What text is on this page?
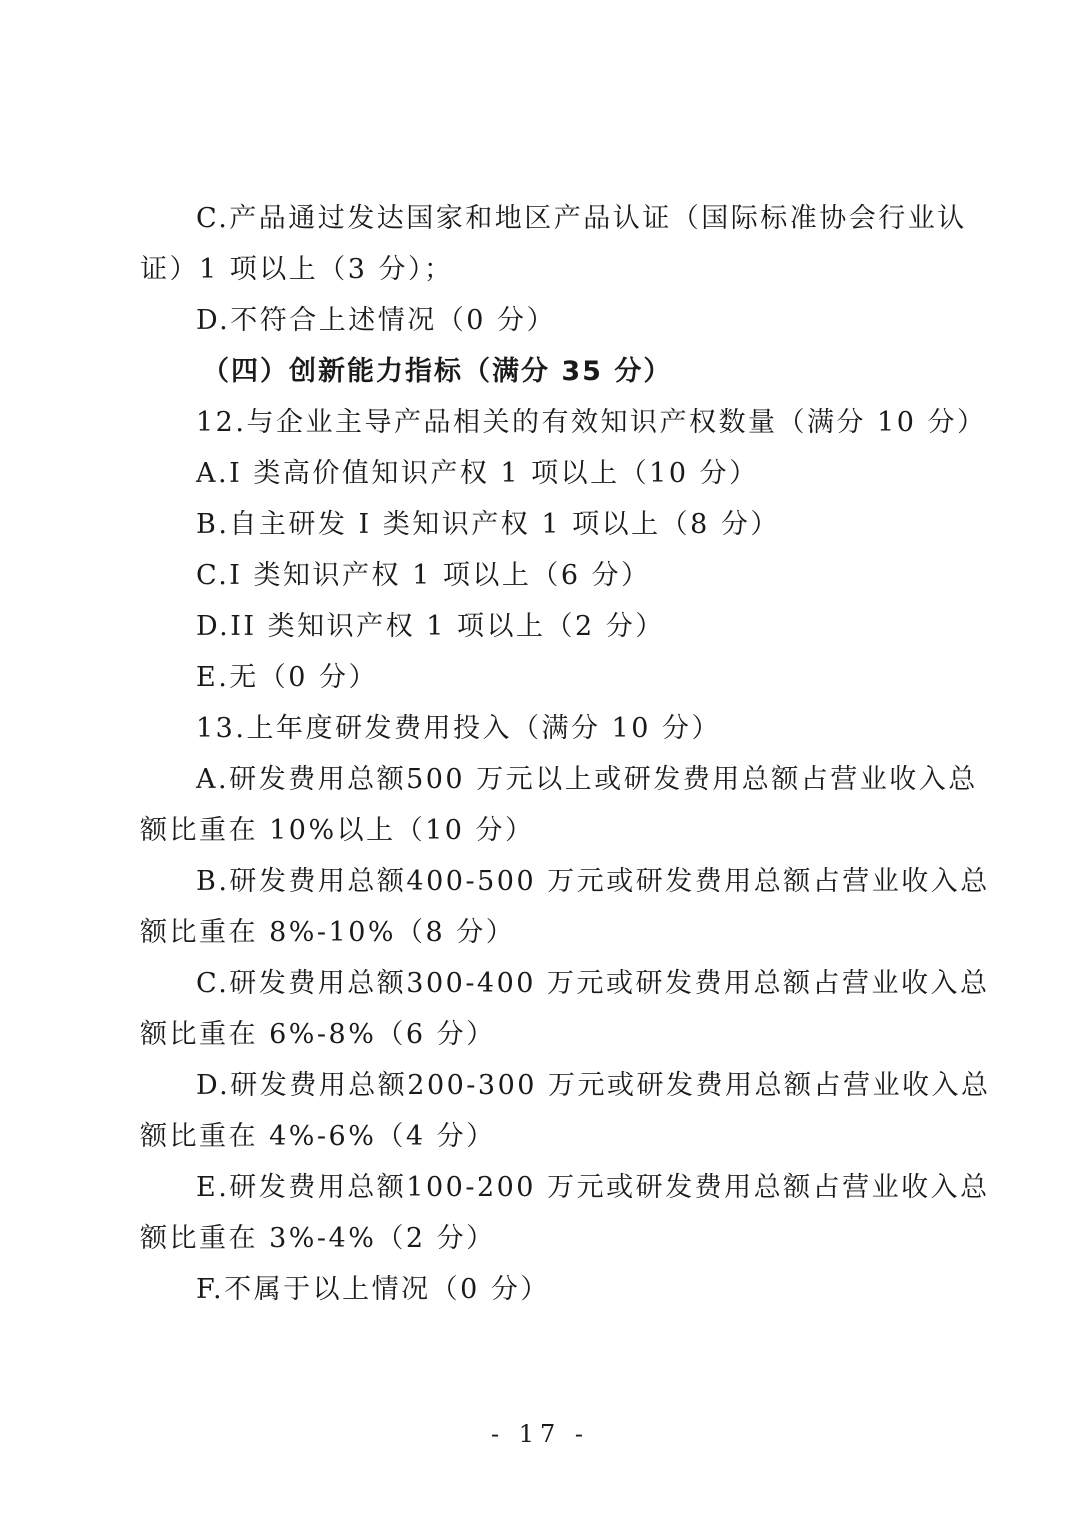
C.产品通过发达国家和地区产品认证（国际标准协会行业认
证）1 项以上（3 分）；
D.不符合上述情况（0 分）
（四）创新能力指标（满分 35 分）
12.与企业主导产品相关的有效知识产权数量（满分 10 分）
A.I 类高价值知识产权 1 项以上（10 分）
B.自主研发 I 类知识产权 1 项以上（8 分）
C.I 类知识产权 1 项以上（6 分）
D.II 类知识产权 1 项以上（2 分）
E.无（0 分）
13.上年度研发费用投入（满分 10 分）
A.研发费用总额500 万元以上或研发费用总额占营业收入总
额比重在 10%以上（10 分）
B.研发费用总额400-500 万元或研发费用总额占营业收入总
额比重在 8%-10%（8 分）
C.研发费用总额300-400 万元或研发费用总额占营业收入总
额比重在 6%-8%（6 分）
D.研发费用总额200-300 万元或研发费用总额占营业收入总
额比重在 4%-6%（4 分）
E.研发费用总额100-200 万元或研发费用总额占营业收入总
额比重在 3%-4%（2 分）
F.不属于以上情况（0 分）
- 17 -
